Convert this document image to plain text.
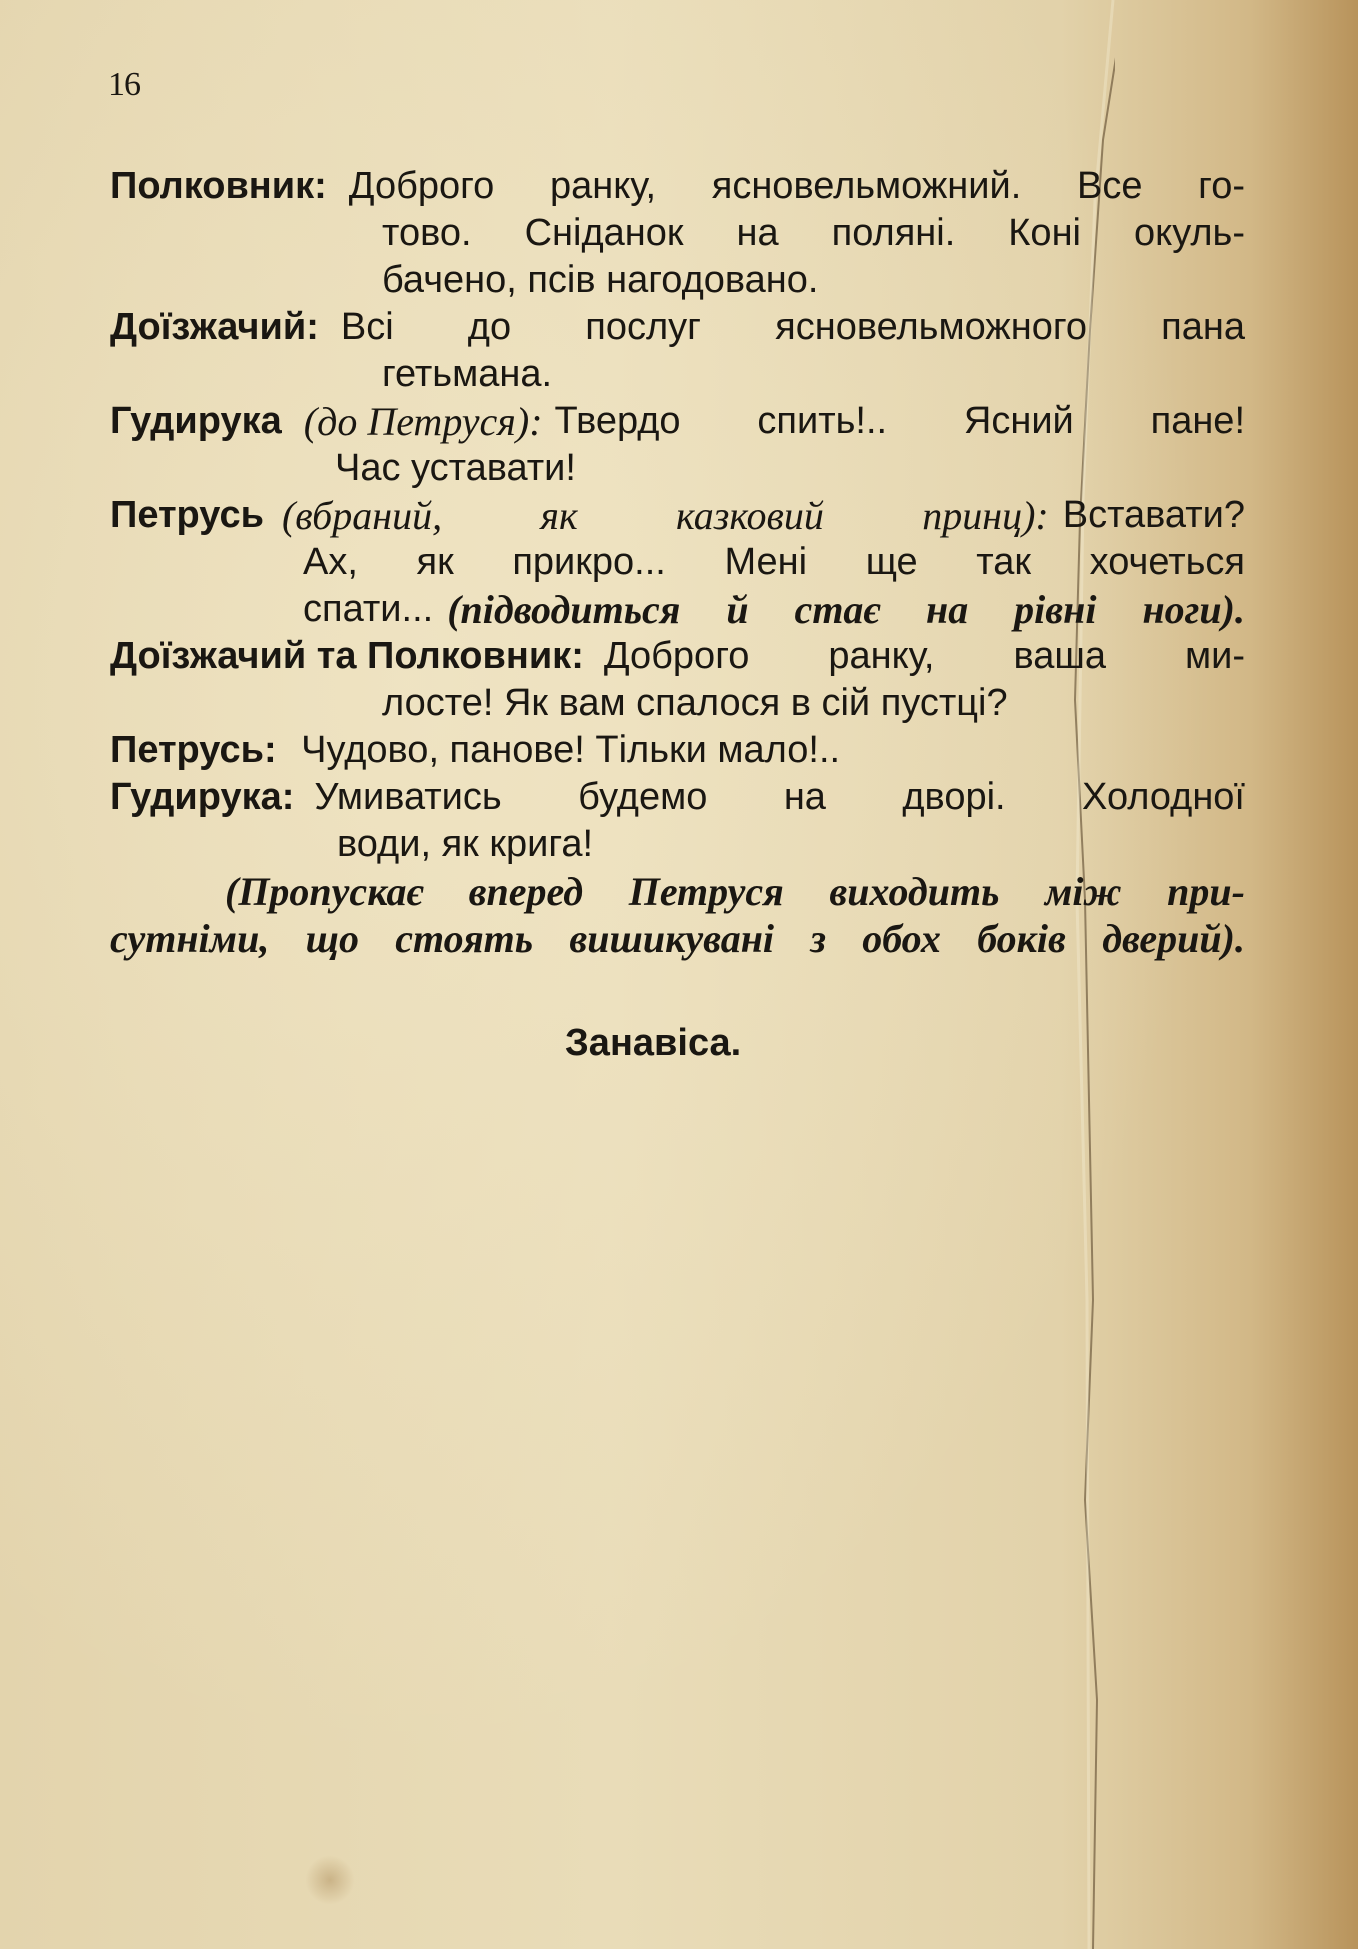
16
Полковник: Доброго ранку, ясновельможний. Все го-
тово. Сніданок на поляні. Коні окуль-
бачено, псів нагодовано.
Доїзжачий: Всі до послуг ясновельможного пана
гетьмана.
Гудирука (до Петруся): Твердо спить!.. Ясний пане!
Час уставати!
Петрусь (вбраний, як казковий принц): Вставати?
Ах, як прикро... Мені ще так хочеться
спати... (підводиться й стає на рівні ноги).
Доїзжачий та Полковник: Доброго ранку, ваша ми-
лосте! Як вам спалося в сій пустці?
Петрусь: Чудово, панове! Тільки мало!..
Гудирука: Умиватись будемо на дворі. Холодної
води, як крига!
(Пропускає вперед Петруся виходить між при-
сутніми, що стоять вишикувані з обох боків дверий).
Занавіса.
